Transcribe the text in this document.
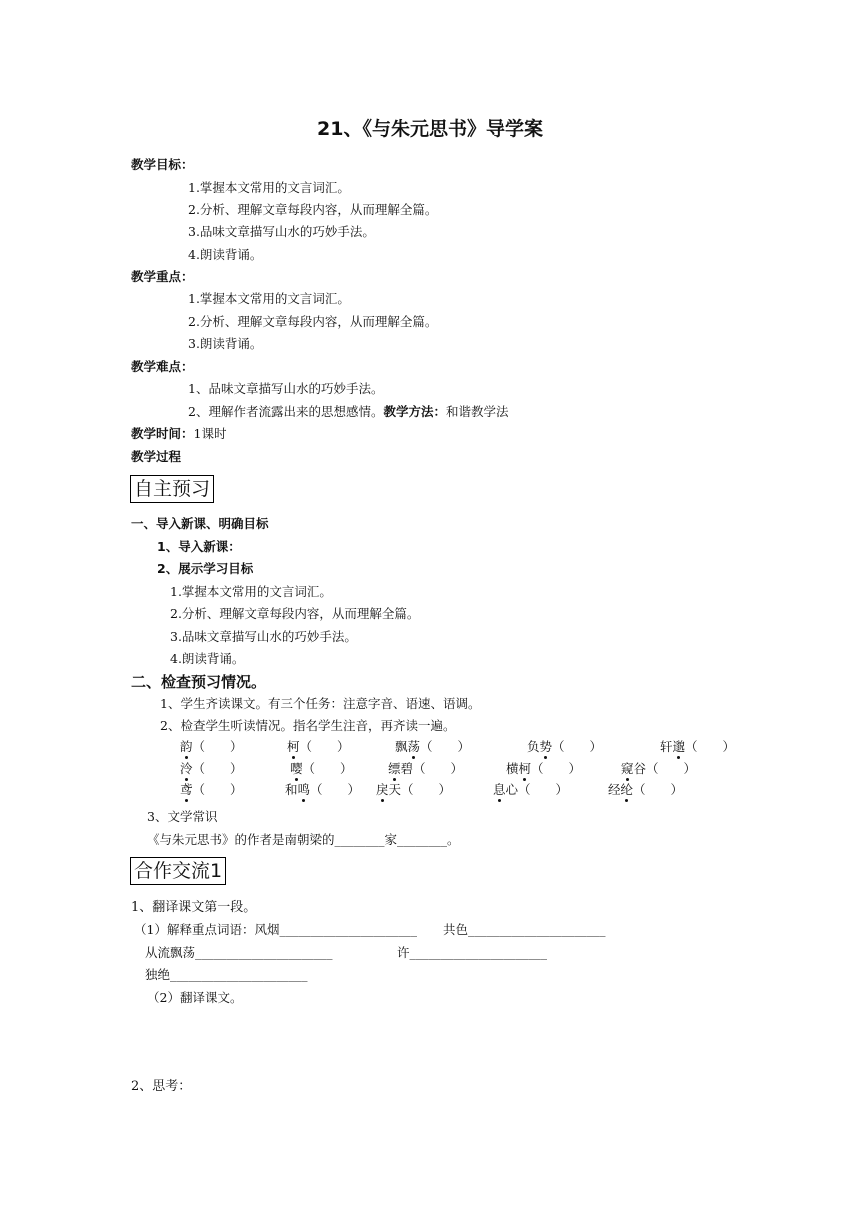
21、《与朱元思书》导学案
教学目标：
1.掌握本文常用的文言词汇。
2.分析、理解文章每段内容，从而理解全篇。
3.品味文章描写山水的巧妙手法。
4.朗读背诵。
教学重点：
1.掌握本文常用的文言词汇。
2.分析、理解文章每段内容，从而理解全篇。
3.朗读背诵。
教学难点：
1、品味文章描写山水的巧妙手法。
2、理解作者流露出来的思想感情。教学方法：和谐教学法
教学时间：1课时
教学过程
自主预习
一、导入新课、明确目标
1、导入新课：
2、展示学习目标
1.掌握本文常用的文言词汇。
2.分析、理解文章每段内容，从而理解全篇。
3.品味文章描写山水的巧妙手法。
4.朗读背诵。
二、检查预习情况。
1、学生齐读课文。有三个任务：注意字音、语速、语调。
2、检查学生听读情况。指名学生注音，再齐读一遍。
韵（　　）	柯（　　）	飘荡（　　）	负势（　　）	轩邈（　　）
泠（　　）	嘤（　　）	缥碧（　　）	横柯（　　）	窥谷（　　）
鸢（　　）	和鸣（　　） 戾天（　　）	息心（　　）	经纶（　　）
3、文学常识
《与朱元思书》的作者是南朝梁的________家________。
合作交流1
1、翻译课文第一段。
（1）解释重点词语：风烟______________________ 共色______________________
从流飘荡______________________	许______________________
独绝______________________
（2）翻译课文。
2、思考：
